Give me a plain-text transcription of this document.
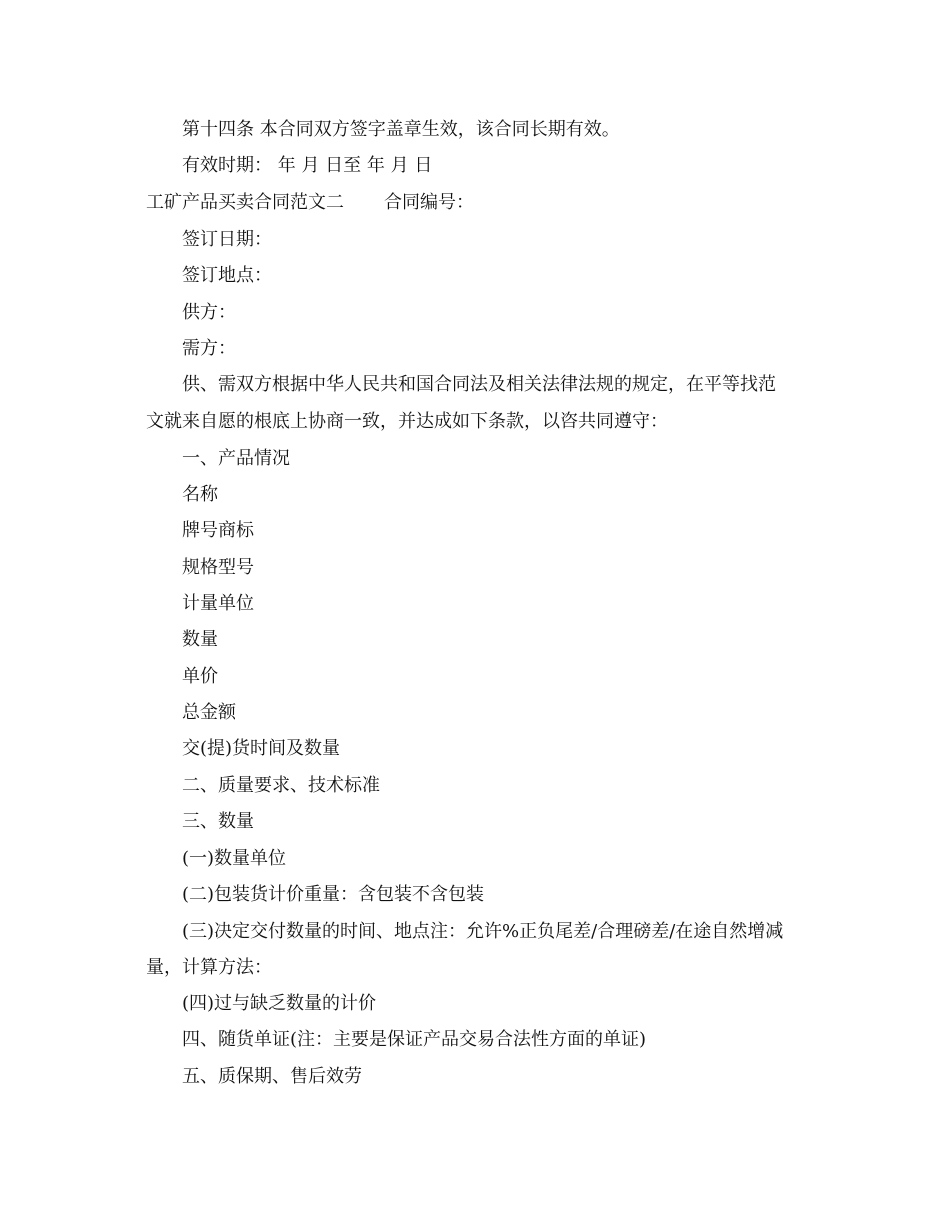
第十四条 本合同双方签字盖章生效，该合同长期有效。
有效时期： 年 月 日至 年 月 日
工矿产品买卖合同范文二 合同编号：
签订日期：
签订地点：
供方：
需方：
供、需双方根据中华人民共和国合同法及相关法律法规的规定，在平等找范
文就来自愿的根底上协商一致，并达成如下条款，以咨共同遵守：
一、产品情况
名称
牌号商标
规格型号
计量单位
数量
单价
总金额
交(提)货时间及数量
二、质量要求、技术标准
三、数量
(一)数量单位
(二)包装货计价重量：含包装不含包装
(三)决定交付数量的时间、地点注：允许%正负尾差/合理磅差/在途自然增减
量，计算方法：
(四)过与缺乏数量的计价
四、随货单证(注：主要是保证产品交易合法性方面的单证)
五、质保期、售后效劳
